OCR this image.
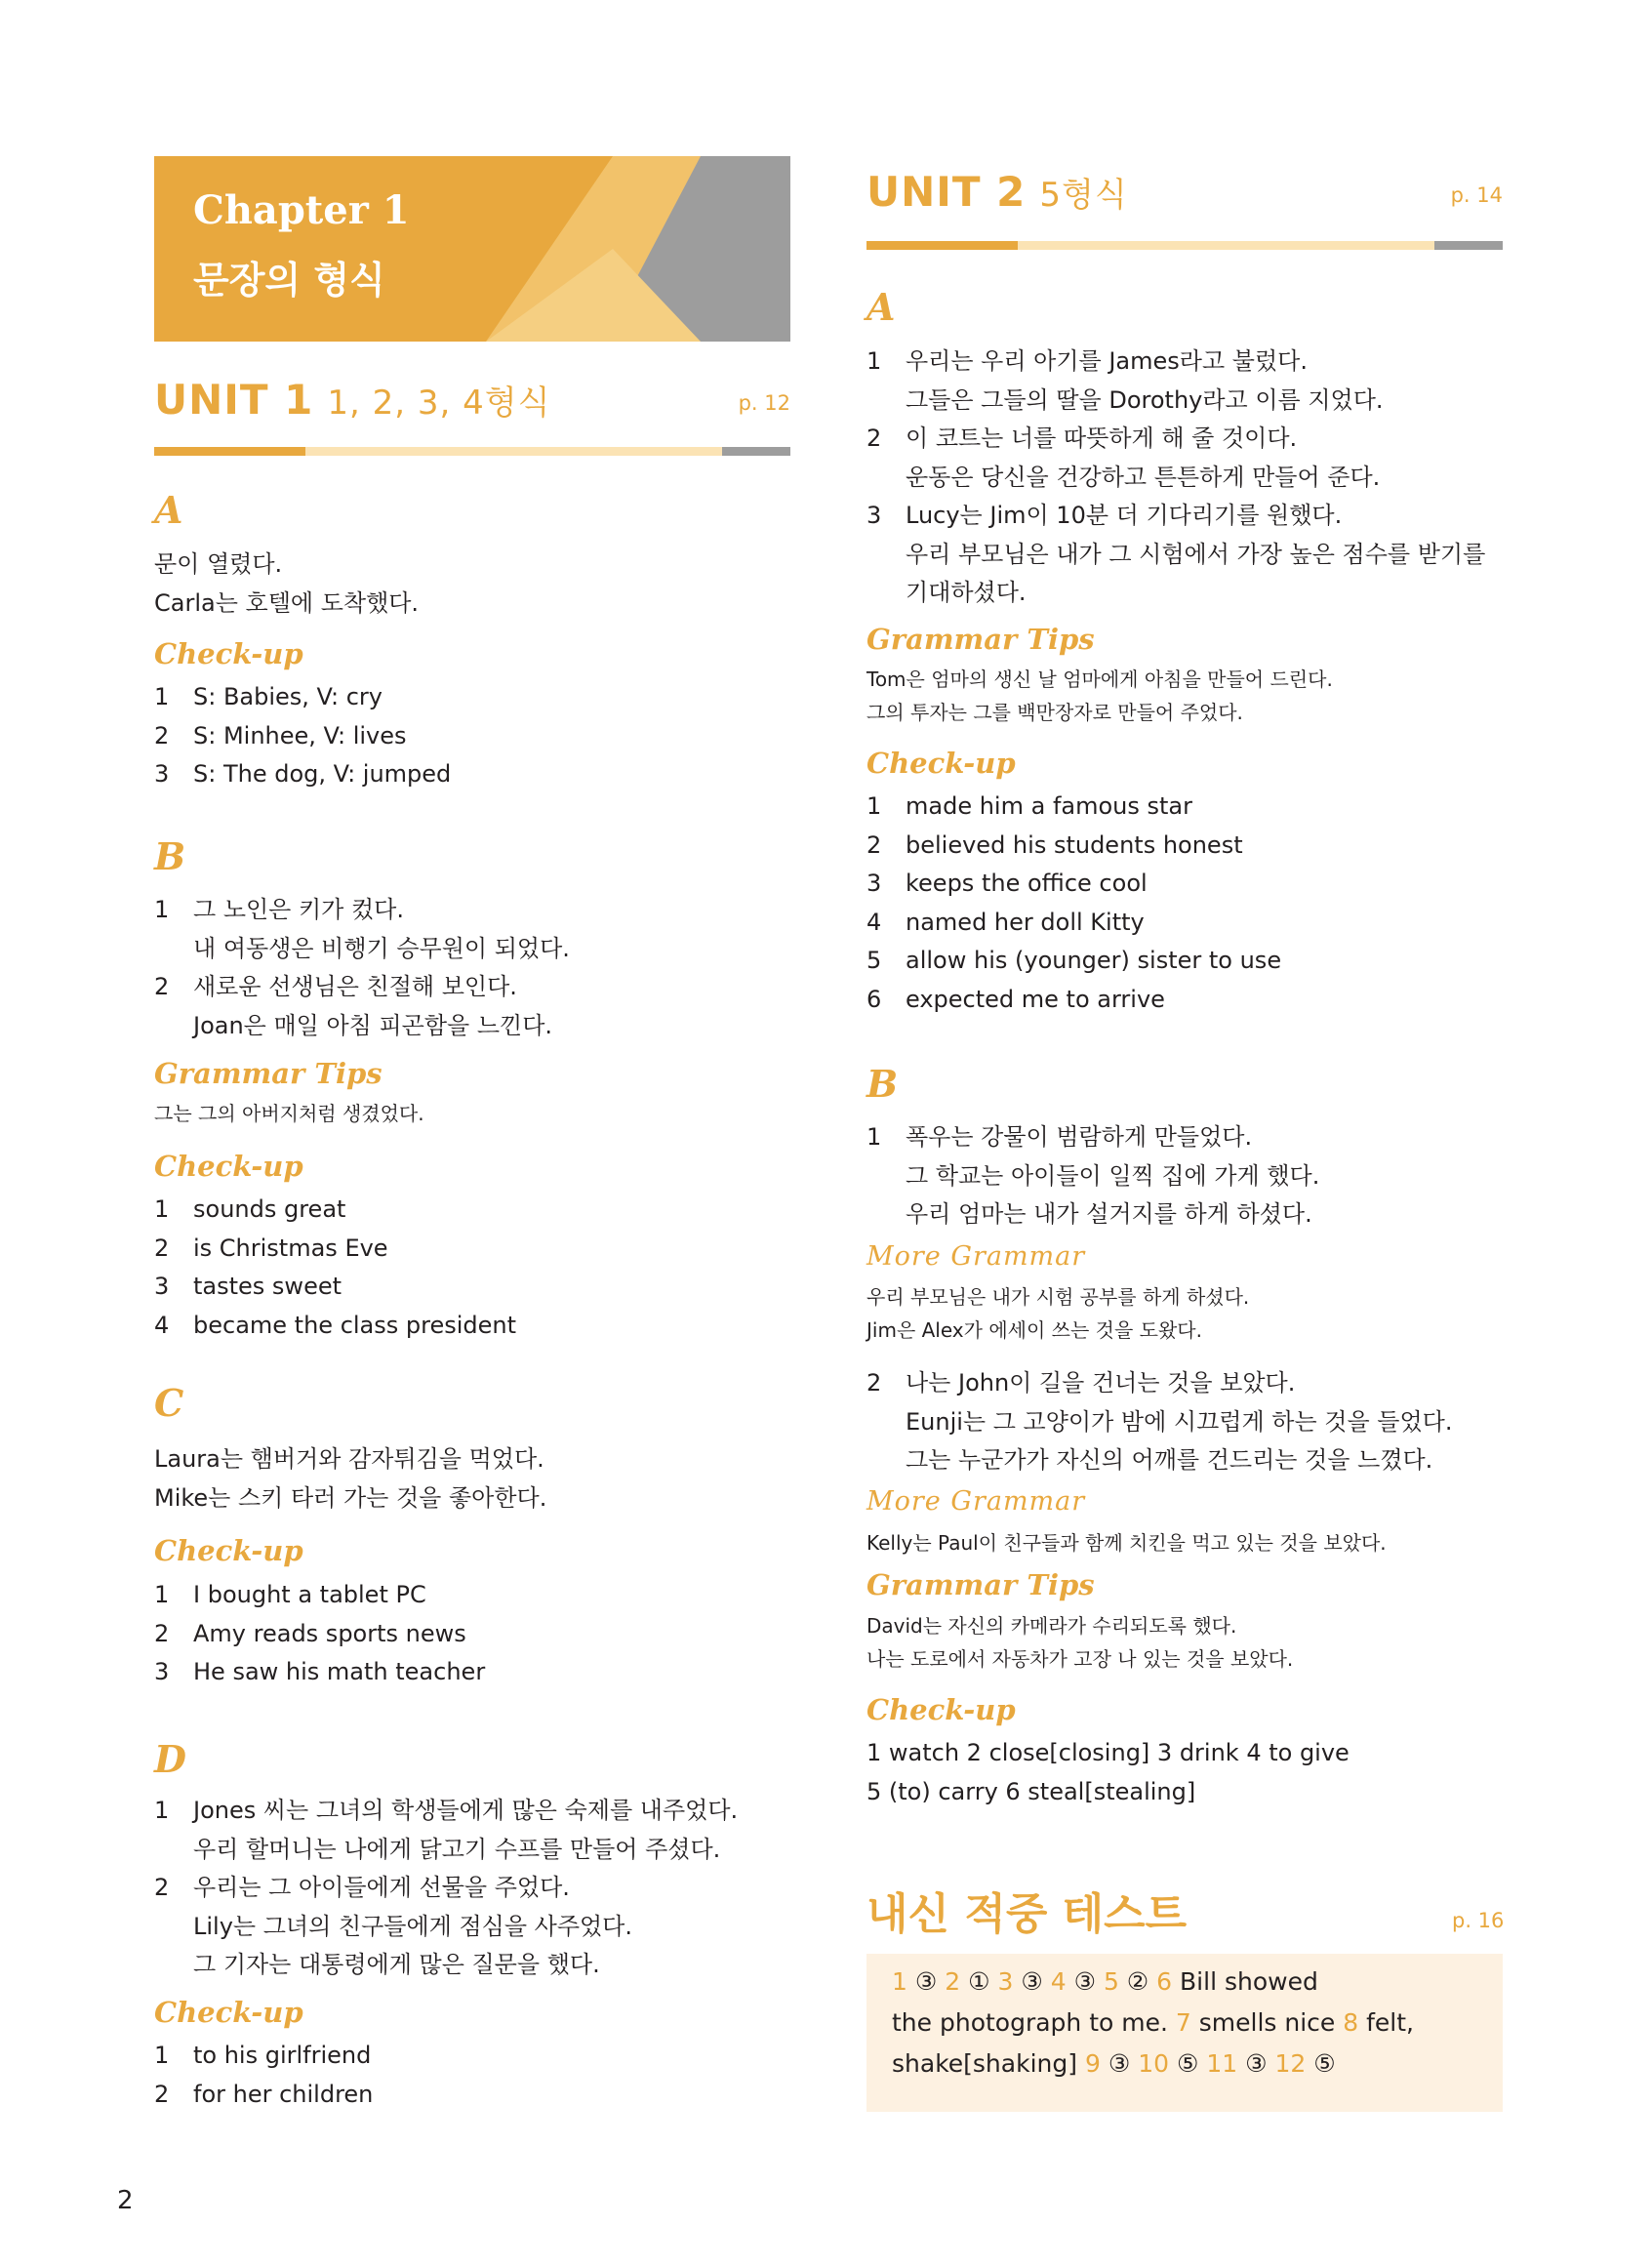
Chapter 1
문장의 형식
UNIT 1 1, 2, 3, 4형식	p. 12
A
문이 열렸다.
Carla는 호텔에 도착했다.
Check-up
1 S: Babies, V: cry
2 S: Minhee, V: lives
3 S: The dog, V: jumped
B
1 그 노인은 키가 컸다.
내 여동생은 비행기 승무원이 되었다.
2 새로운 선생님은 친절해 보인다.
Joan은 매일 아침 피곤함을 느낀다.
Grammar Tips
그는 그의 아버지처럼 생겼었다.
Check-up
1 sounds great
2 is Christmas Eve
3 tastes sweet
4 became the class president
C
Laura는 햄버거와 감자튀김을 먹었다.
Mike는 스키 타러 가는 것을 좋아한다.
Check-up
1 I bought a tablet PC
2 Amy reads sports news
3 He saw his math teacher
D
1 Jones 씨는 그녀의 학생들에게 많은 숙제를 내주었다.
우리 할머니는 나에게 닭고기 수프를 만들어 주셨다.
2 우리는 그 아이들에게 선물을 주었다.
Lily는 그녀의 친구들에게 점심을 사주었다.
그 기자는 대통령에게 많은 질문을 했다.
Check-up
1 to his girlfriend
2 for her children
UNIT 2 5형식	p. 14
A
1 우리는 우리 아기를 James라고 불렀다.
그들은 그들의 딸을 Dorothy라고 이름 지었다.
2 이 코트는 너를 따뜻하게 해 줄 것이다.
운동은 당신을 건강하고 튼튼하게 만들어 준다.
3 Lucy는 Jim이 10분 더 기다리기를 원했다.
우리 부모님은 내가 그 시험에서 가장 높은 점수를 받기를
기대하셨다.
Grammar Tips
Tom은 엄마의 생신 날 엄마에게 아침을 만들어 드린다.
그의 투자는 그를 백만장자로 만들어 주었다.
Check-up
1 made him a famous star
2 believed his students honest
3 keeps the office cool
4 named her doll Kitty
5 allow his (younger) sister to use
6 expected me to arrive
B
1 폭우는 강물이 범람하게 만들었다.
그 학교는 아이들이 일찍 집에 가게 했다.
우리 엄마는 내가 설거지를 하게 하셨다.
More Grammar
우리 부모님은 내가 시험 공부를 하게 하셨다.
Jim은 Alex가 에세이 쓰는 것을 도왔다.
2 나는 John이 길을 건너는 것을 보았다.
Eunji는 그 고양이가 밤에 시끄럽게 하는 것을 들었다.
그는 누군가가 자신의 어깨를 건드리는 것을 느꼈다.
More Grammar
Kelly는 Paul이 친구들과 함께 치킨을 먹고 있는 것을 보았다.
Grammar Tips
David는 자신의 카메라가 수리되도록 했다.
나는 도로에서 자동차가 고장 나 있는 것을 보았다.
Check-up
1 watch 2 close[closing] 3 drink 4 to give
5 (to) carry 6 steal[stealing]
내신 적중 테스트	p. 16
1 ③ 2 ① 3 ③ 4 ③ 5 ② 6 Bill showed
the photograph to me. 7 smells nice 8 felt,
shake[shaking] 9 ③ 10 ⑤ 11 ③ 12 ⑤
2
